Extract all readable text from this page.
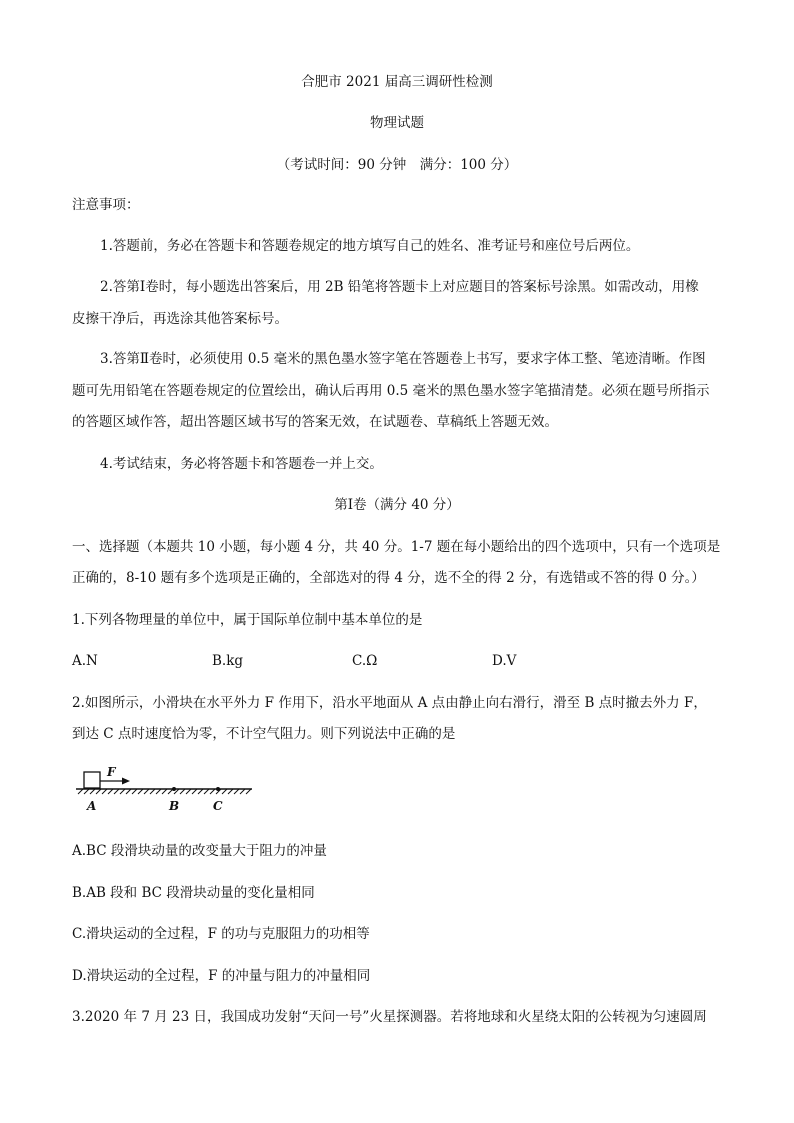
合肥市 2021 届高三调研性检测
物理试题
（考试时间：90 分钟　满分：100 分）
注意事项：
1.答题前，务必在答题卡和答题卷规定的地方填写自己的姓名、准考证号和座位号后两位。
2.答第Ⅰ卷时，每小题选出答案后，用 2B 铅笔将答题卡上对应题目的答案标号涂黑。如需改动，用橡
皮擦干净后，再选涂其他答案标号。
3.答第Ⅱ卷时，必须使用 0.5 毫米的黑色墨水签字笔在答题卷上书写，要求字体工整、笔迹清晰。作图
题可先用铅笔在答题卷规定的位置绘出，确认后再用 0.5 毫米的黑色墨水签字笔描清楚。必须在题号所指示
的答题区域作答，超出答题区域书写的答案无效，在试题卷、草稿纸上答题无效。
4.考试结束，务必将答题卡和答题卷一并上交。
第Ⅰ卷（满分 40 分）
一、选择题（本题共 10 小题，每小题 4 分，共 40 分。1-7 题在每小题给出的四个选项中，只有一个选项是
正确的，8-10 题有多个选项是正确的，全部选对的得 4 分，选不全的得 2 分，有选错或不答的得 0 分。）
1.下列各物理量的单位中，属于国际单位制中基本单位的是
A.N	B.kg	C.Ω	D.V
2.如图所示，小滑块在水平外力 F 作用下，沿水平地面从 A 点由静止向右滑行，滑至 B 点时撤去外力 F，
到达 C 点时速度恰为零，不计空气阻力。则下列说法中正确的是
F
A	B	C
A.BC 段滑块动量的改变量大于阻力的冲量
B.AB 段和 BC 段滑块动量的变化量相同
C.滑块运动的全过程，F 的功与克服阻力的功相等
D.滑块运动的全过程，F 的冲量与阻力的冲量相同
3.2020 年 7 月 23 日，我国成功发射“天问一号”火星探测器。若将地球和火星绕太阳的公转视为匀速圆周
